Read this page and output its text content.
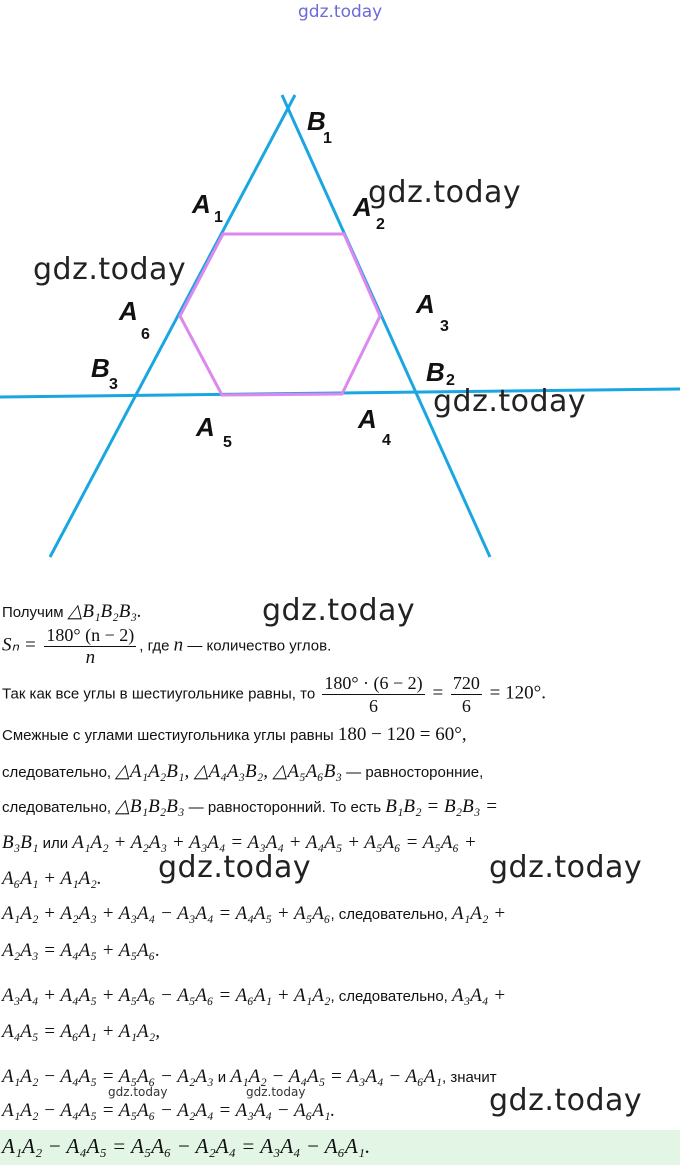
gdz.today
B
1
A 1	A
2
A
6
A
3
B
3	B 2
A
5
A
4
gdz.today
gdz.today
gdz.today
Получим △B₁B₂B₃.	gdz.today
$S_n = \frac{180^\circ (n - 2)}{n}$ , где n — количество углов.
Так как все углы в шестиугольнике равны, то $\frac{180^\circ \cdot (6 - 2)}{6} = \frac{720}{6} = 120^\circ$.
Смежные с углами шестиугольника углы равны 180 − 120 = 60°,
следовательно, △A₁A₂B₁, △A₄A₃B₂, △A₅A₆B₃ — равносторонние,
следовательно, △B₁B₂B₃ — равносторонний. То есть B₁B₂ = B₂B₃ =
B₃B₁ или A₁A₂ + A₂A₃ + A₃A₄ = A₃A₄ + A₄A₅ + A₅A₆ = A₅A₆ +
A₆A₁ + A₁A₂. gdz.today	gdz.today
A₁A₂ + A₂A₃ + A₃A₄ − A₃A₄ = A₄A₅ + A₅A₆, следовательно, A₁A₂ +
A₂A₃ = A₄A₅ + A₅A₆.
A₃A₄ + A₄A₅ + A₅A₆ − A₅A₆ = A₆A₁ + A₁A₂, следовательно, A₃A₄ +
A₄A₅ = A₆A₁ + A₁A₂,
A₁A₂ − A₄A₅ = A₅A₆ − A₂A₃ и A₁A₂ − A₄A₅ = A₃A₄ − A₆A₁, значит
gdz.today	gdz.today
A₁A₂ − A₄A₅ = A₅A₆ − A₂A₄ = A₃A₄ − A₆A₁.	gdz.today
A₁A₂ − A₄A₅ = A₅A₆ − A₂A₄ = A₃A₄ − A₆A₁.
